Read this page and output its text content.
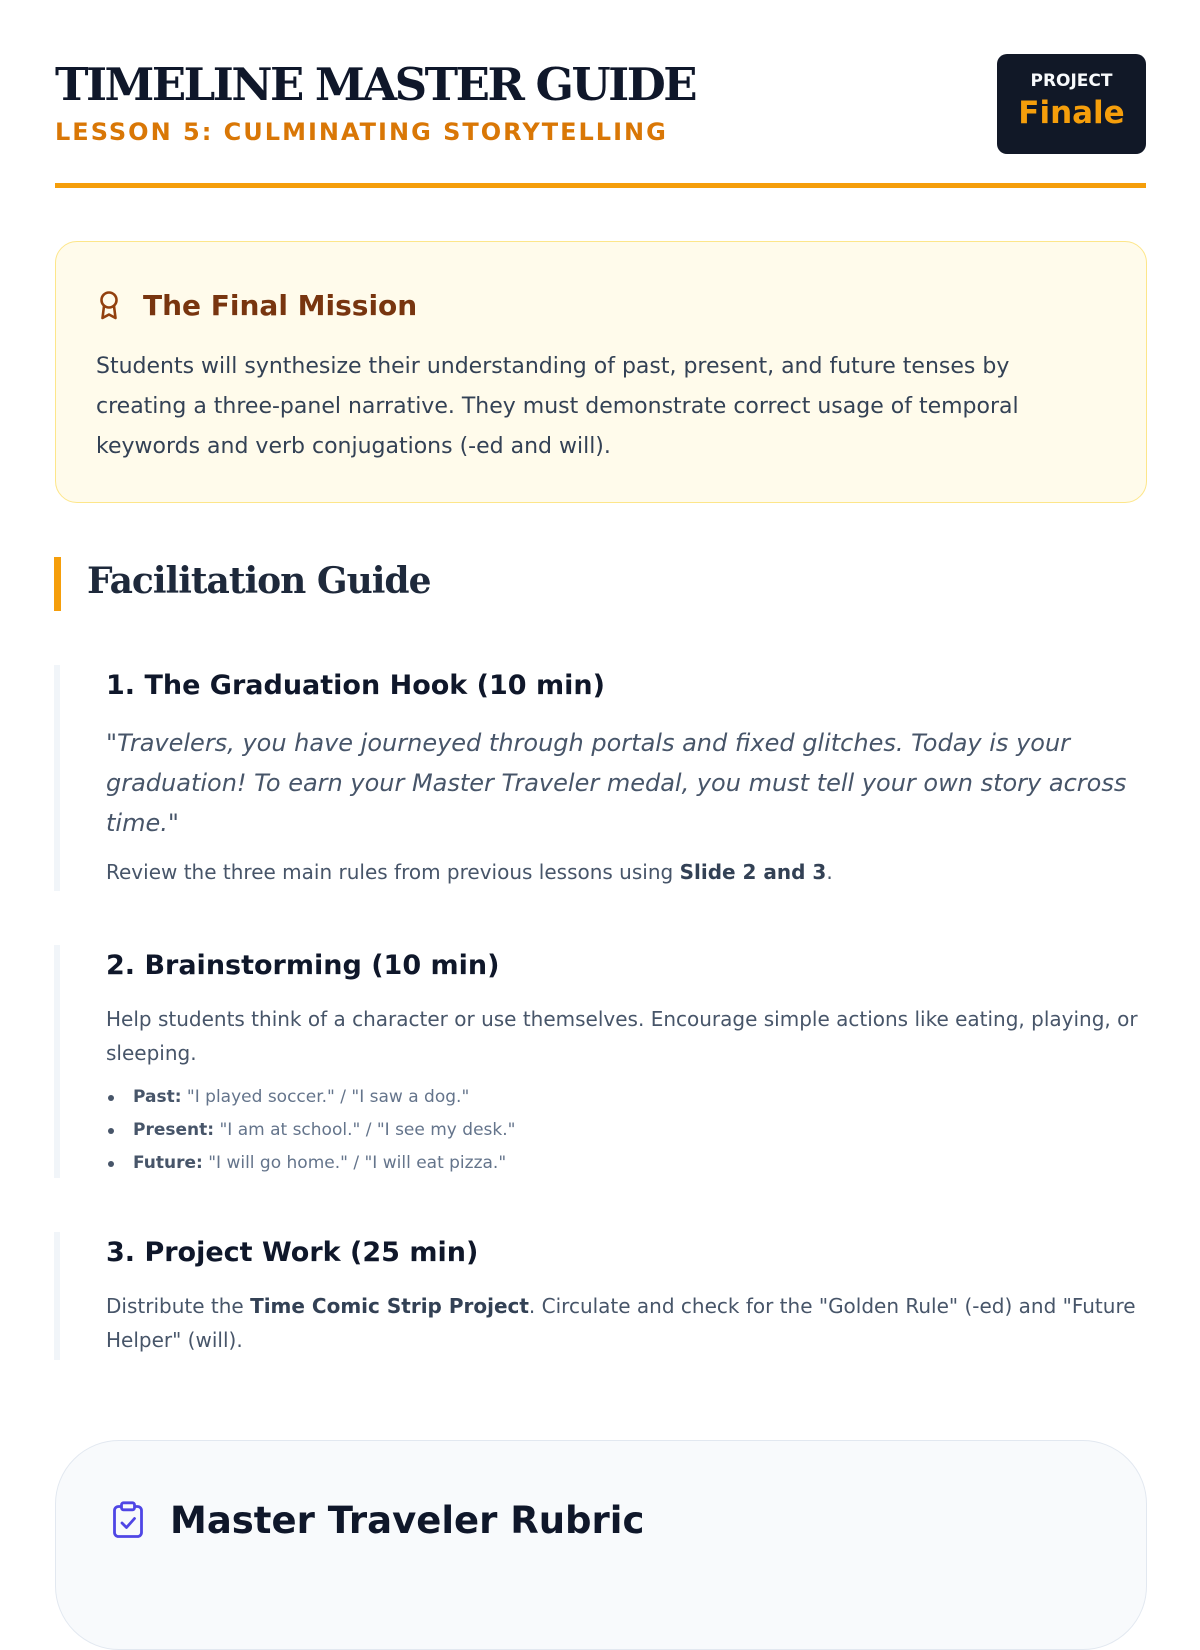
TIMELINE MASTER GUIDE
LESSON 5: CULMINATING STORYTELLING
PROJECT
Finale
The Final Mission

Students will synthesize their understanding of past, present, and future tenses by creating a three-panel narrative. They must demonstrate correct usage of temporal keywords and verb conjugations (-ed and will).

Facilitation Guide
1. The Graduation Hook (10 min)

"Travelers, you have journeyed through portals and fixed glitches. Today is your graduation! To earn your Master Traveler medal, you must tell your own story across time."

Review the three main rules from previous lessons using Slide 2 and 3.

2. Brainstorming (10 min)

Help students think of a character or use themselves. Encourage simple actions like eating, playing, or sleeping.

Past: "I played soccer." / "I saw a dog."
Present: "I am at school." / "I see my desk."
Future: "I will go home." / "I will eat pizza."
3. Project Work (25 min)

Distribute the Time Comic Strip Project. Circulate and check for the "Golden Rule" (-ed) and "Future Helper" (will).

Master Traveler Rubric
